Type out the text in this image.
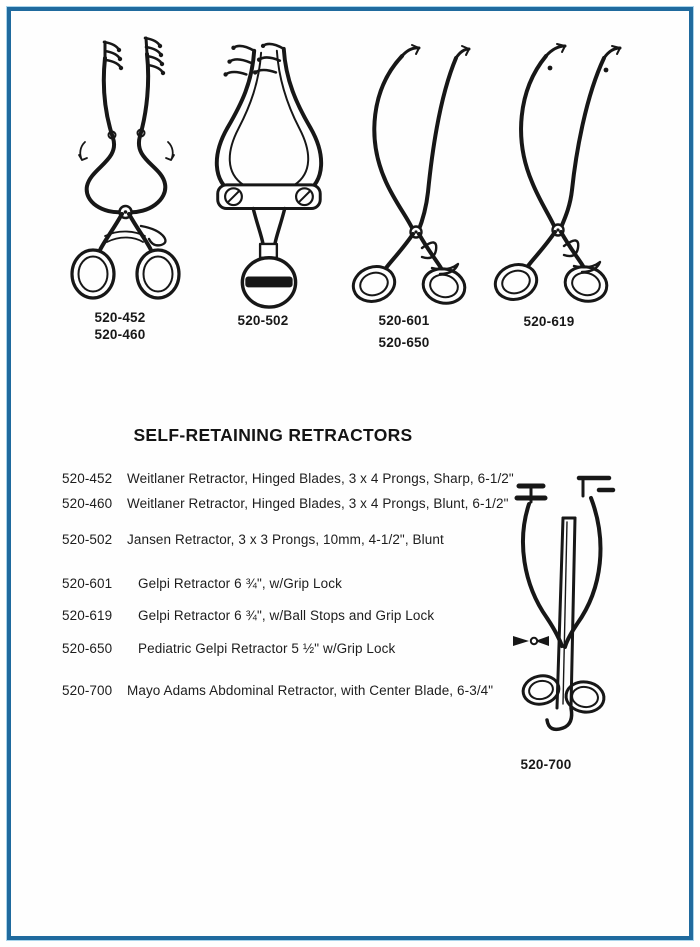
520-452
520-460
520-502	520-601
520-650
520-619
SELF-RETAINING RETRACTORS
520-452 Weitlaner Retractor, Hinged Blades, 3 x 4 Prongs, Sharp, 6-1/2"
520-460 Weitlaner Retractor, Hinged Blades, 3 x 4 Prongs, Blunt, 6-1/2"
520-502 Jansen Retractor, 3 x 3 Prongs, 10mm, 4-1/2", Blunt
520-601 Gelpi Retractor 6 ¾", w/Grip Lock
520-619 Gelpi Retractor 6 ¾", w/Ball Stops and Grip Lock
520-650 Pediatric Gelpi Retractor 5 ½" w/Grip Lock
520-700 Mayo Adams Abdominal Retractor, with Center Blade, 6-3/4"
520-700
